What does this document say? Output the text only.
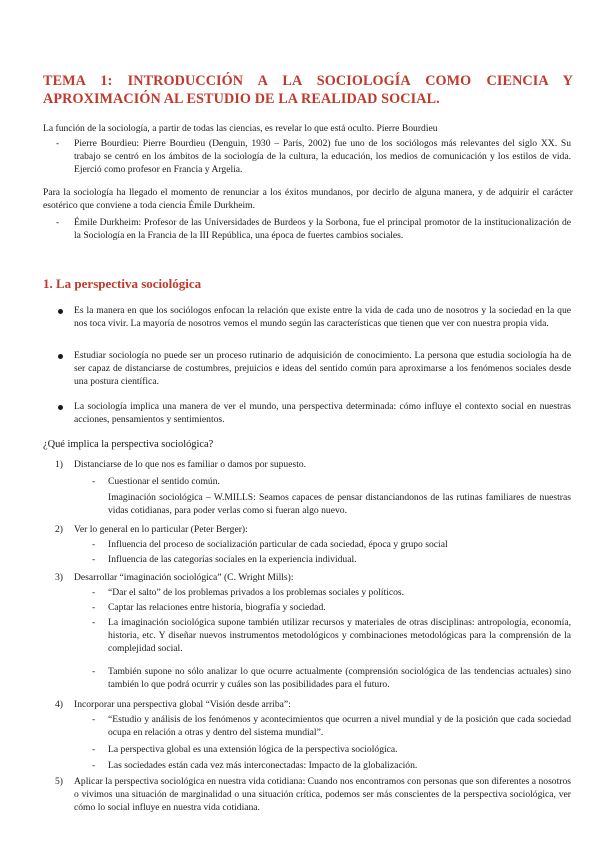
TEMA 1: INTRODUCCIÓN A LA SOCIOLOGÍA COMO CIENCIA Y APROXIMACIÓN AL ESTUDIO DE LA REALIDAD SOCIAL.

La función de la sociología, a partir de todas las ciencias, es revelar lo que está oculto. Pierre Bourdieu

- Pierre Bourdieu: Pierre Bourdieu (Denguin, 1930 – París, 2002) fue uno de los sociólogos más relevantes del siglo XX. Su trabajo se centró en los ámbitos de la sociología de la cultura, la educación, los medios de comunicación y los estilos de vida. Ejerció como profesor en Francia y Argelia.

Para la sociología ha llegado el momento de renunciar a los éxitos mundanos, por decirlo de alguna manera, y de adquirir el carácter esotérico que conviene a toda ciencia Émile Durkheim.

- Émile Durkheim: Profesor de las Universidades de Burdeos y la Sorbona, fue el principal promotor de la institucionalización de la Sociología en la Francia de la III República, una época de fuertes cambios sociales.

1. La perspectiva sociológica

Es la manera en que los sociólogos enfocan la relación que existe entre la vida de cada uno de nosotros y la sociedad en la que nos toca vivir. La mayoría de nosotros vemos el mundo según las características que tienen que ver con nuestra propia vida.

Estudiar sociología no puede ser un proceso rutinario de adquisición de conocimiento. La persona que estudia sociología ha de ser capaz de distanciarse de costumbres, prejuicios e ideas del sentido común para aproximarse a los fenómenos sociales desde una postura científica.

La sociología implica una manera de ver el mundo, una perspectiva determinada: cómo influye el contexto social en nuestras acciones, pensamientos y sentimientos.

¿Qué implica la perspectiva sociológica?

1) Distanciarse de lo que nos es familiar o damos por supuesto.

- Cuestionar el sentido común.

Imaginación sociológica – W.MILLS: Seamos capaces de pensar distanciandonos de las rutinas familiares de nuestras vidas cotidianas, para poder verlas como si fueran algo nuevo.

2) Ver lo general en lo particular (Peter Berger):

- Influencia del proceso de socialización particular de cada sociedad, época y grupo social

- Influencia de las categorías sociales en la experiencia individual.

3) Desarrollar “imaginación sociológica” (C. Wright Mills):

- “Dar el salto” de los problemas privados a los problemas sociales y políticos.

- Captar las relaciones entre historia, biografía y sociedad.

- La imaginación sociológica supone también utilizar recursos y materiales de otras disciplinas: antropología, economía, historia, etc. Y diseñar nuevos instrumentos metodológicos y combinaciones metodológicas para la comprensión de la complejidad social.

- También supone no sólo analizar lo que ocurre actualmente (comprensión sociológica de las tendencias actuales) sino también lo que podrá ocurrir y cuáles son las posibilidades para el futuro.

4) Incorporar una perspectiva global “Visión desde arriba”:

- “Estudio y análisis de los fenómenos y acontecimientos que ocurren a nivel mundial y de la posición que cada sociedad ocupa en relación a otras y dentro del sistema mundial”.

- La perspectiva global es una extensión lógica de la perspectiva sociológica.

- Las sociedades están cada vez más interconectadas: Impacto de la globalización.

5) Aplicar la perspectiva sociológica en nuestra vida cotidiana: Cuando nos encontramos con personas que son diferentes a nosotros o vivimos una situación de marginalidad o una situación crítica, podemos ser más conscientes de la perspectiva sociológica, ver cómo lo social influye en nuestra vida cotidiana.
